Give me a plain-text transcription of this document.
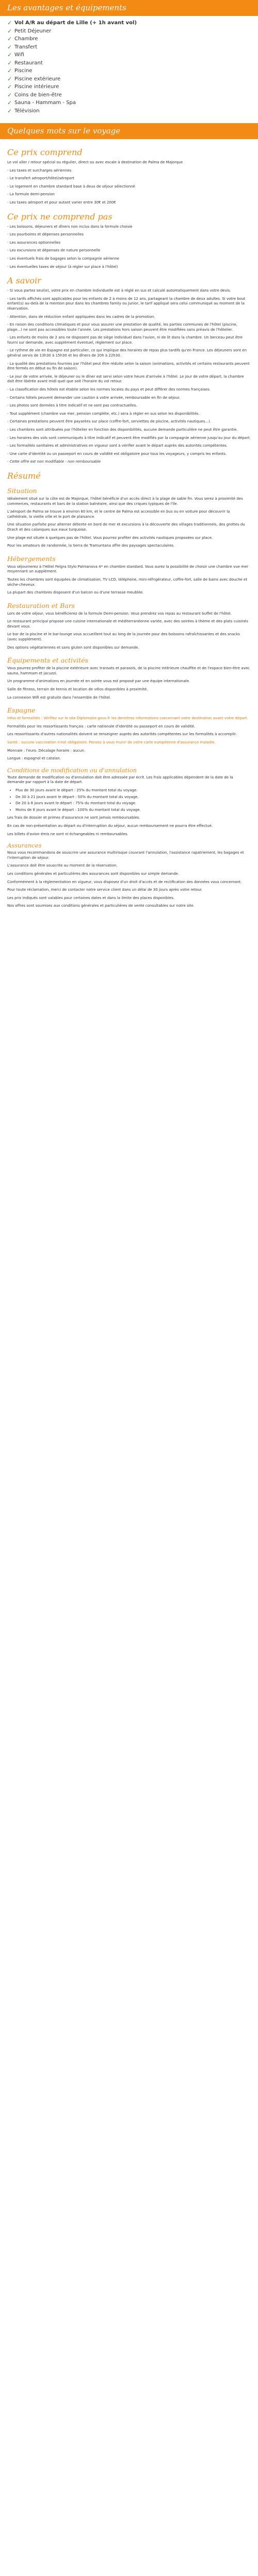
Les avantages et équipements
✓ Vol A/R au départ de Lille (+ 1h avant vol)
✓ Petit Déjeuner
✓ Chambre
✓ Transfert
✓ Wifi
✓ Restaurant
✓ Piscine
✓ Piscine extérieure
✓ Piscine intérieure
✓ Coins de bien-être
✓ Sauna - Hammam - Spa
✓ Télévision
Quelques mots sur le voyage
Ce prix comprend

Le vol aller / retour spécial ou régulier, direct ou avec escale à destination de Palma de Majorque

- Les taxes et surcharges aériennes

- Le transfert aéroport/hôtel/aéroport

- Le logement en chambre standard base à deux de séjour sélectionné

- La formule demi-pension

- Les taxes aéroport et pour autant varier entre 30€ et 200€

Ce prix ne comprend pas

- Les boissons, déjeuners et dîners non inclus dans la formule choisie

- Les pourboires et dépenses personnelles

- Les assurances optionnelles

- Les excursions et dépenses de nature personnelle

- Les éventuels frais de bagages selon la compagnie aérienne

- Les éventuelles taxes de séjour (à régler sur place à l'hôtel)

A savoir

- Si vous partez seul(e), votre prix en chambre individuelle est à réglé en sus et calculé automatiquement dans votre devis.

- Les tarifs affichés sont applicables pour les enfants de 2 à moins de 12 ans, partageant la chambre de deux adultes. Si votre bout enfant(s) au-delà de la mention pour dans les chambres family ou Junior, le tarif appliqué sera celui communiqué au moment de la réservation.

- Attention, dans de réduction enfant appliquées dans les cadres de la promotion.

- En raison des conditions climatiques et pour vous assurer une prestation de qualité, les parties communes de l'hôtel (piscine, plage...) ne sont pas accessibles toute l'année. Les prestations hors saison peuvent être modifiées sans préavis de l'hôtelier.

- Les enfants de moins de 2 ans ne disposent pas de siège individuel dans l'avion, ni de lit dans la chambre. Un berceau peut être fourni sur demande, avec supplément éventuel, règlement sur place.

- Le rythme de vie en Espagne est particulier, ce qui implique des horaires de repas plus tardifs qu'en France. Les déjeuners sont en général servis de 13h30 à 15h30 et les dîners de 20h à 22h30.

- La qualité des prestations fournies par l'hôtel peut être réduite selon la saison (animations, activités et certains restaurants peuvent être fermés en début ou fin de saison).

- Le jour de votre arrivée, le déjeuner ou le dîner est servi selon votre heure d'arrivée à l'hôtel. Le jour de votre départ, la chambre doit être libérée avant midi quel que soit l'horaire du vol retour.

- La classification des hôtels est établie selon les normes locales du pays et peut différer des normes françaises.

- Certains hôtels peuvent demander une caution à votre arrivée, remboursable en fin de séjour.

- Les photos sont données à titre indicatif et ne sont pas contractuelles.

- Tout supplément (chambre vue mer, pension complète, etc.) sera à régler en sus selon les disponibilités.

- Certaines prestations peuvent être payantes sur place (coffre-fort, serviettes de piscine, activités nautiques...).

- Les chambres sont attribuées par l'hôtelier en fonction des disponibilités, aucune demande particulière ne peut être garantie.

- Les horaires des vols sont communiqués à titre indicatif et peuvent être modifiés par la compagnie aérienne jusqu'au jour du départ.

- Les formalités sanitaires et administratives en vigueur sont à vérifier avant le départ auprès des autorités compétentes.

- Une carte d'identité ou un passeport en cours de validité est obligatoire pour tous les voyageurs, y compris les enfants.

- Cette offre est non modifiable - non remboursable

Résumé
Situation

Idéalement situé sur la côte est de Majorque, l'hôtel bénéficie d'un accès direct à la plage de sable fin. Vous serez à proximité des commerces, restaurants et bars de la station balnéaire, ainsi que des criques typiques de l'île.

L'aéroport de Palma se trouve à environ 60 km, et le centre de Palma est accessible en bus ou en voiture pour découvrir la cathédrale, la vieille ville et le port de plaisance.

Une situation parfaite pour alterner détente en bord de mer et excursions à la découverte des villages traditionnels, des grottes du Drach et des calanques aux eaux turquoise.

Une plage est située à quelques pas de l'hôtel. Vous pourrez profiter des activités nautiques proposées sur place.

Pour les amateurs de randonnée, la Serra de Tramuntana offre des paysages spectaculaires.

Hébergements

Vous séjournerez à l'Hôtel Felgra Stylo Palmanova 4* en chambre standard. Vous aurez la possibilité de choisir une chambre vue mer moyennant un supplément.

Toutes les chambres sont équipées de climatisation, TV LCD, téléphone, mini-réfrigérateur, coffre-fort, salle de bains avec douche et sèche-cheveux.

La plupart des chambres disposent d'un balcon ou d'une terrasse meublée.

Restauration et Bars

Lors de votre séjour, vous bénéficierez de la formule Demi-pension. Vous prendrez vos repas au restaurant buffet de l'hôtel.

Le restaurant principal propose une cuisine internationale et méditerranéenne variée, avec des soirées à thème et des plats cuisinés devant vous.

Le bar de la piscine et le bar-lounge vous accueillent tout au long de la journée pour des boissons rafraîchissantes et des snacks (avec supplément).

Des options végétariennes et sans gluten sont disponibles sur demande.

Équipements et activités

Vous pourrez profiter de la piscine extérieure avec transats et parasols, de la piscine intérieure chauffée et de l'espace bien-être avec sauna, hammam et jacuzzi.

Un programme d'animations en journée et en soirée vous est proposé par une équipe internationale.

Salle de fitness, terrain de tennis et location de vélos disponibles à proximité.

La connexion Wifi est gratuite dans l'ensemble de l'hôtel.

Espagne

Infos et formalités : Vérifiez sur le site Diplomatie.gouv.fr les dernières informations concernant votre destination avant votre départ.

Formalités pour les ressortissants français : carte nationale d'identité ou passeport en cours de validité.

Les ressortissants d'autres nationalités doivent se renseigner auprès des autorités compétentes sur les formalités à accomplir.

Santé : aucune vaccination n'est obligatoire. Pensez à vous munir de votre carte européenne d'assurance maladie.

Monnaie : l'euro. Décalage horaire : aucun.

Langue : espagnol et catalan.

Conditions de modification ou d'annulation

Toute demande de modification ou d'annulation doit être adressée par écrit. Les frais applicables dépendent de la date de la demande par rapport à la date de départ.

• Plus de 30 jours avant le départ : 25% du montant total du voyage.
• De 30 à 21 jours avant le départ : 50% du montant total du voyage.
• De 20 à 8 jours avant le départ : 75% du montant total du voyage.
• Moins de 8 jours avant le départ : 100% du montant total du voyage.

Les frais de dossier et primes d'assurance ne sont jamais remboursables.

En cas de non-présentation au départ ou d'interruption du séjour, aucun remboursement ne pourra être effectué.

Les billets d'avion émis ne sont ni échangeables ni remboursables.

Assurances

Nous vous recommandons de souscrire une assurance multirisque couvrant l'annulation, l'assistance rapatriement, les bagages et l'interruption de séjour.

L'assurance doit être souscrite au moment de la réservation.

Les conditions générales et particulières des assurances sont disponibles sur simple demande.

Conformément à la réglementation en vigueur, vous disposez d'un droit d'accès et de rectification des données vous concernant.

Pour toute réclamation, merci de contacter notre service client dans un délai de 30 jours après votre retour.

Les prix indiqués sont valables pour certaines dates et dans la limite des places disponibles.

Nos offres sont soumises aux conditions générales et particulières de vente consultables sur notre site.
